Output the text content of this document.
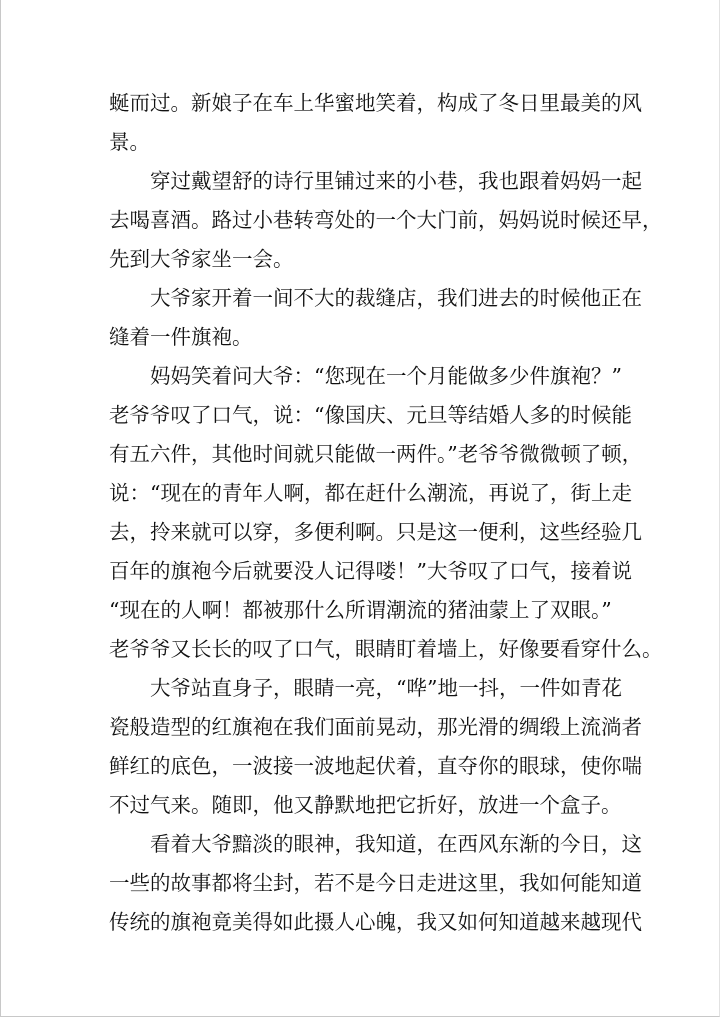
蜒而过。新娘子在车上华蜜地笑着，构成了冬日里最美的风
景。
　　穿过戴望舒的诗行里铺过来的小巷，我也跟着妈妈一起
去喝喜酒。路过小巷转弯处的一个大门前，妈妈说时候还早，
先到大爷家坐一会。
　　大爷家开着一间不大的裁缝店，我们进去的时候他正在
缝着一件旗袍。
　　妈妈笑着问大爷：“您现在一个月能做多少件旗袍？”
老爷爷叹了口气，说：“像国庆、元旦等结婚人多的时候能
有五六件，其他时间就只能做一两件。”老爷爷微微顿了顿，
说：“现在的青年人啊，都在赶什么潮流，再说了，街上走
去，拎来就可以穿，多便利啊。只是这一便利，这些经验几
百年的旗袍今后就要没人记得喽！”大爷叹了口气，接着说
“现在的人啊！都被那什么所谓潮流的猪油蒙上了双眼。”
老爷爷又长长的叹了口气，眼睛盯着墙上，好像要看穿什么。
　　大爷站直身子，眼睛一亮，“哗”地一抖，一件如青花
瓷般造型的红旗袍在我们面前晃动，那光滑的绸缎上流淌者
鲜红的底色，一波接一波地起伏着，直夺你的眼球，使你喘
不过气来。随即，他又静默地把它折好，放进一个盒子。
　　看着大爷黯淡的眼神，我知道，在西风东渐的今日，这
一些的故事都将尘封，若不是今日走进这里，我如何能知道
传统的旗袍竟美得如此摄人心魄，我又如何知道越来越现代
